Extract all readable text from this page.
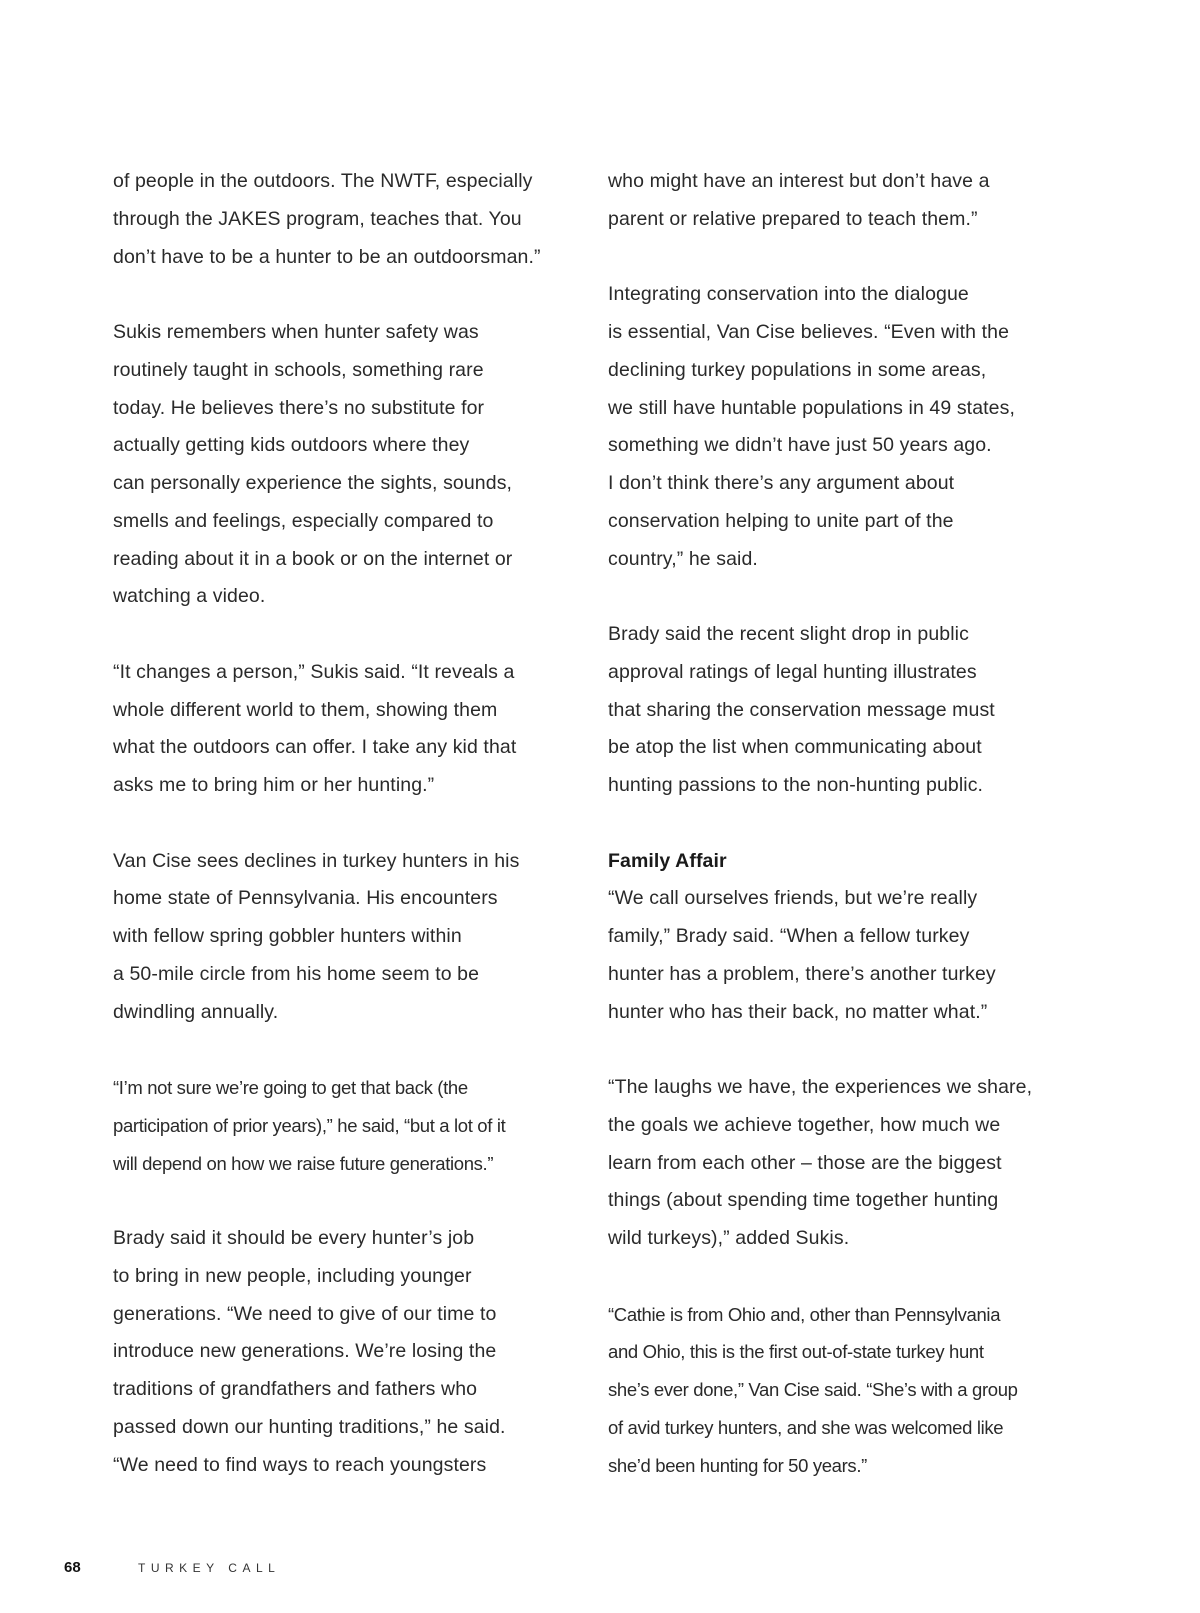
of people in the outdoors. The NWTF, especially
through the JAKES program, teaches that. You
don’t have to be a hunter to be an outdoorsman.”
Sukis remembers when hunter safety was
routinely taught in schools, something rare
today. He believes there’s no substitute for
actually getting kids outdoors where they
can personally experience the sights, sounds,
smells and feelings, especially compared to
reading about it in a book or on the internet or
watching a video.
“It changes a person,” Sukis said. “It reveals a
whole different world to them, showing them
what the outdoors can offer. I take any kid that
asks me to bring him or her hunting.”
Van Cise sees declines in turkey hunters in his
home state of Pennsylvania. His encounters
with fellow spring gobbler hunters within
a 50-mile circle from his home seem to be
dwindling annually.
“I’m not sure we’re going to get that back (the
participation of prior years),” he said, “but a lot of it
will depend on how we raise future generations.”
Brady said it should be every hunter’s job
to bring in new people, including younger
generations. “We need to give of our time to
introduce new generations. We’re losing the
traditions of grandfathers and fathers who
passed down our hunting traditions,” he said.
“We need to find ways to reach youngsters
who might have an interest but don’t have a
parent or relative prepared to teach them.”
Integrating conservation into the dialogue
is essential, Van Cise believes. “Even with the
declining turkey populations in some areas,
we still have huntable populations in 49 states,
something we didn’t have just 50 years ago.
I don’t think there’s any argument about
conservation helping to unite part of the
country,” he said.
Brady said the recent slight drop in public
approval ratings of legal hunting illustrates
that sharing the conservation message must
be atop the list when communicating about
hunting passions to the non-hunting public.
Family Affair
“We call ourselves friends, but we’re really
family,” Brady said. “When a fellow turkey
hunter has a problem, there’s another turkey
hunter who has their back, no matter what.”
“The laughs we have, the experiences we share,
the goals we achieve together, how much we
learn from each other – those are the biggest
things (about spending time together hunting
wild turkeys),” added Sukis.
“Cathie is from Ohio and, other than Pennsylvania
and Ohio, this is the first out-of-state turkey hunt
she’s ever done,” Van Cise said. “She’s with a group
of avid turkey hunters, and she was welcomed like
she’d been hunting for 50 years.”
68	TURKEY CALL
